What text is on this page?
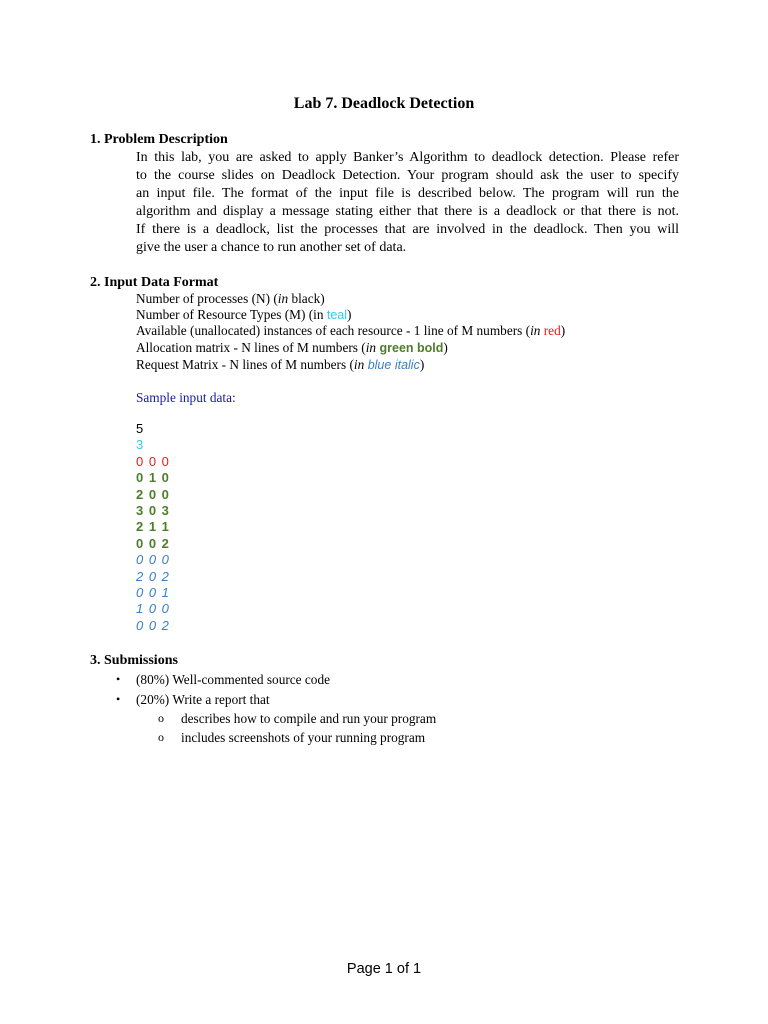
Lab 7. Deadlock Detection
1. Problem Description
In this lab, you are asked to apply Banker’s Algorithm to deadlock detection. Please refer
to the course slides on Deadlock Detection. Your program should ask the user to specify
an input file. The format of the input file is described below. The program will run the
algorithm and display a message stating either that there is a deadlock or that there is not.
If there is a deadlock, list the processes that are involved in the deadlock. Then you will
give the user a chance to run another set of data.
2. Input Data Format
Number of processes (N) (in black)
Number of Resource Types (M) (in teal)
Available (unallocated) instances of each resource - 1 line of M numbers (in red)
Allocation matrix - N lines of M numbers (in green bold)
Request Matrix - N lines of M numbers (in blue italic)
Sample input data:
5
3
0 0 0
0 1 0
2 0 0
3 0 3
2 1 1
0 0 2
0 0 0
2 0 2
0 0 1
1 0 0
0 0 2
3. Submissions
• (80%) Well-commented source code
• (20%) Write a report that
o describes how to compile and run your program
o includes screenshots of your running program
Page 1 of 1
